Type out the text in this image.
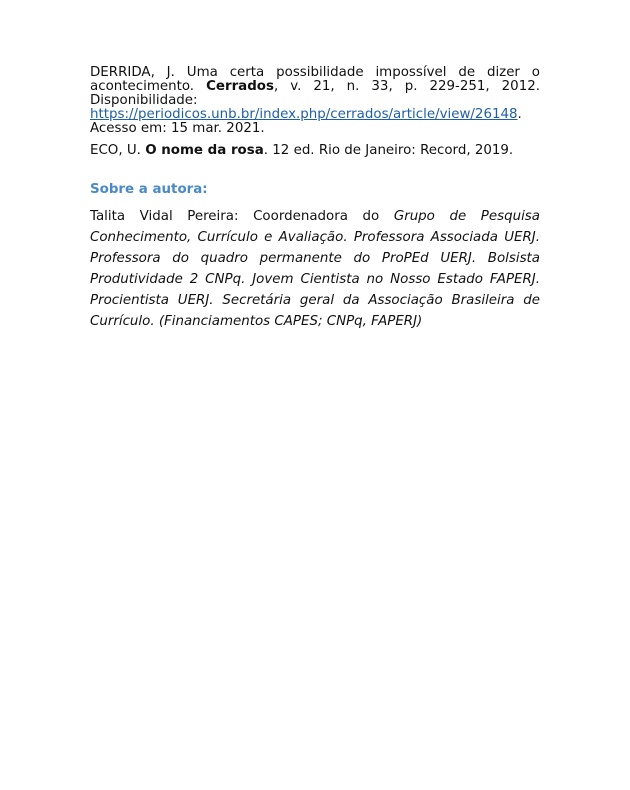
DERRIDA, J. Uma certa possibilidade impossível de dizer o
acontecimento. Cerrados, v. 21, n. 33, p. 229-251, 2012.
Disponibilidade:
https://periodicos.unb.br/index.php/cerrados/article/view/26148.
Acesso em: 15 mar. 2021.
ECO, U. O nome da rosa. 12 ed. Rio de Janeiro: Record, 2019.
Sobre a autora:
Talita Vidal Pereira: Coordenadora do Grupo de Pesquisa
Conhecimento, Currículo e Avaliação. Professora Associada UERJ.
Professora do quadro permanente do ProPEd UERJ. Bolsista
Produtividade 2 CNPq. Jovem Cientista no Nosso Estado FAPERJ.
Procientista UERJ. Secretária geral da Associação Brasileira de
Currículo. (Financiamentos CAPES; CNPq, FAPERJ)
